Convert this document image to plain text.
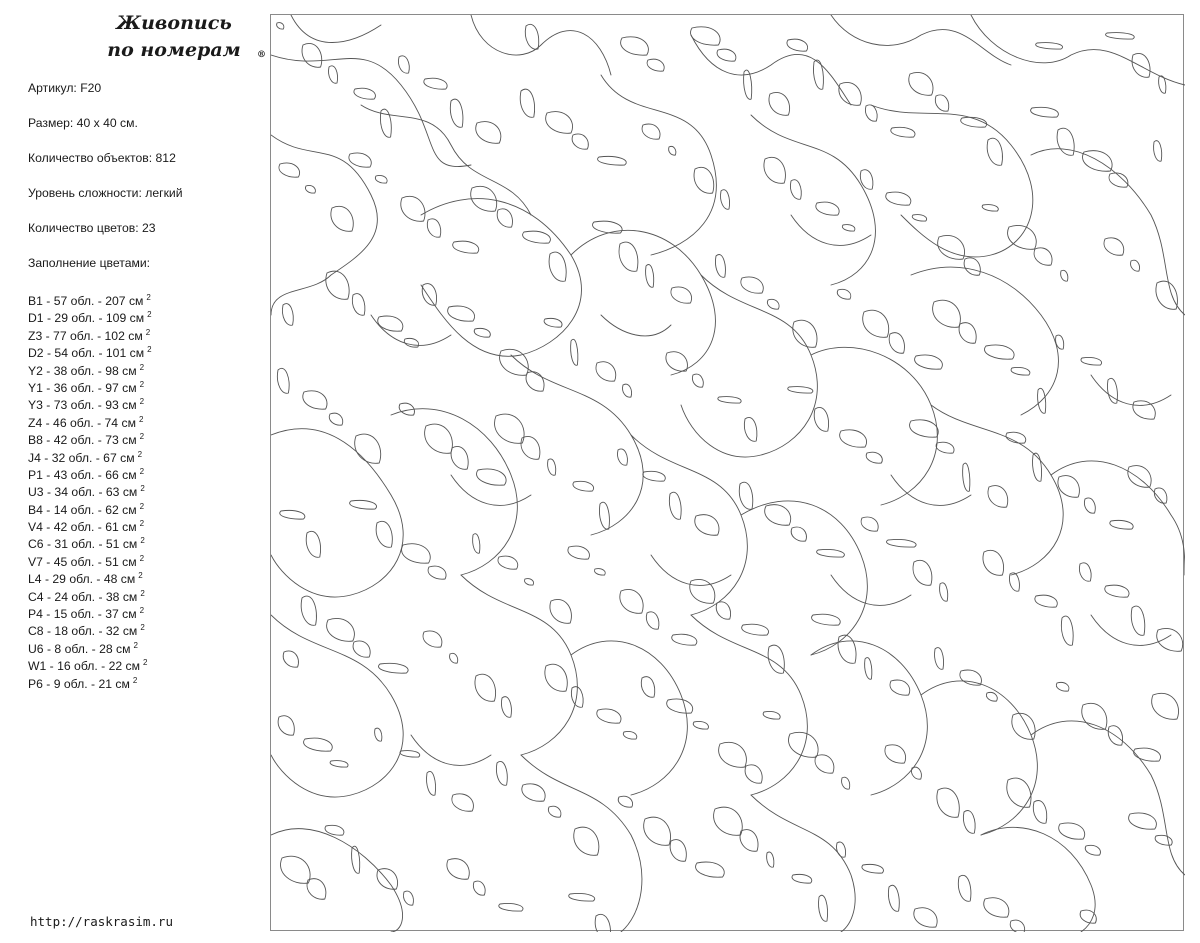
Живопись
по номерам	®
Артикул: F20
Размер: 40 х 40 см.
Количество объектов: 812
Уровень сложности: легкий
Количество цветов: 23
Заполнение цветами:
B1 - 57 обл. - 207 см $^2$
D1 - 29 обл. - 109 см $^2$
Z3 - 77 обл. - 102 см $^2$
D2 - 54 обл. - 101 см $^2$
Y2 - 38 обл. - 98 см $^2$
Y1 - 36 обл. - 97 см $^2$
Y3 - 73 обл. - 93 см $^2$
Z4 - 46 обл. - 74 см $^2$
B8 - 42 обл. - 73 см $^2$
J4 - 32 обл. - 67 см $^2$
P1 - 43 обл. - 66 см $^2$
U3 - 34 обл. - 63 см $^2$
B4 - 14 обл. - 62 см $^2$
V4 - 42 обл. - 61 см $^2$
C6 - 31 обл. - 51 см $^2$
V7 - 45 обл. - 51 см $^2$
L4 - 29 обл. - 48 см $^2$
C4 - 24 обл. - 38 см $^2$
P4 - 15 обл. - 37 см $^2$
C8 - 18 обл. - 32 см $^2$
U6 - 8 обл. - 28 см $^2$
W1 - 16 обл. - 22 см $^2$
P6 - 9 обл. - 21 см $^2$
http://raskrasim.ru
